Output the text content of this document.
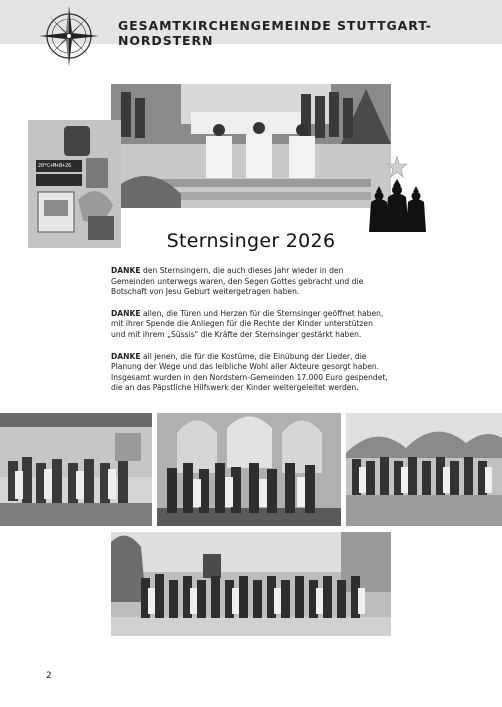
GESAMTKIRCHENGEMEINDE STUTTGART-NORDSTERN
20*C+M+B+26
Sternsinger 2026

DANKE den Sternsingern, die auch dieses Jahr wieder in den Gemeinden unterwegs waren, den Segen Gottes gebracht und die Botschaft von Jesu Geburt weitergetragen haben.

DANKE allen, die Türen und Herzen für die Sternsinger geöffnet haben, mit ihrer Spende die Anliegen für die Rechte der Kinder unterstützen und mit ihrem „Süssis" die Kräfte der Sternsinger gestärkt haben.

DANKE all jenen, die für die Kostüme, die Einübung der Lieder, die Planung der Wege und das leibliche Wohl aller Akteure gesorgt haben.
Insgesamt wurden in den Nordstern-Gemeinden 17.000 Euro gespendet, die an das Päpstliche Hilfswerk der Kinder weitergeleitet werden.

2
